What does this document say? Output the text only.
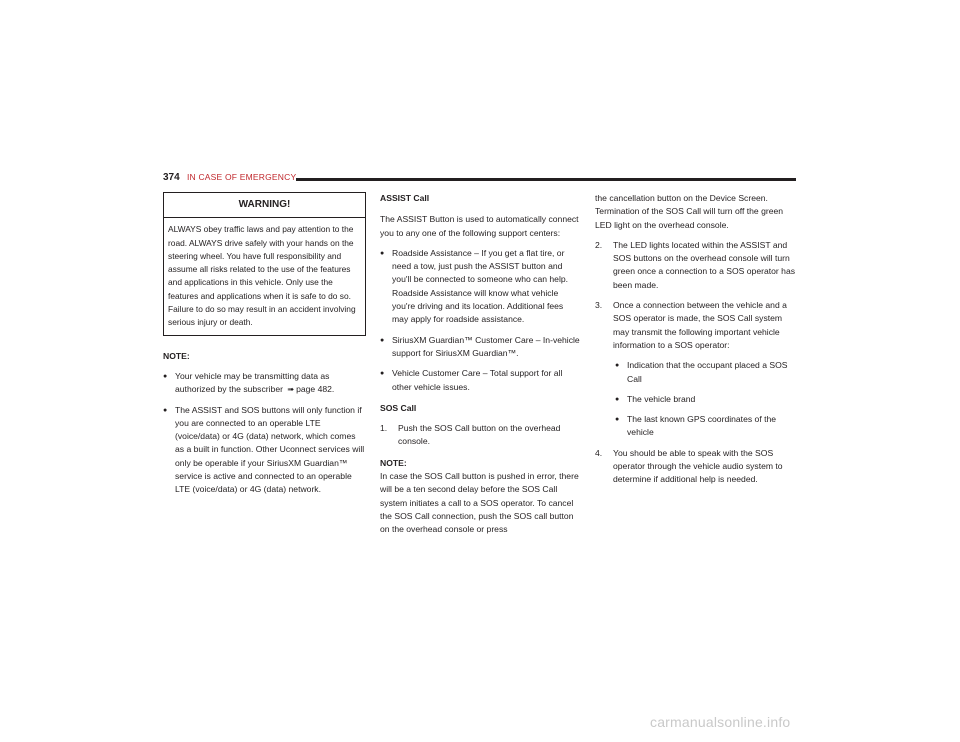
374 IN CASE OF EMERGENCY
WARNING!
ALWAYS obey traffic laws and pay attention to the road. ALWAYS drive safely with your hands on the steering wheel. You have full responsibility and assume all risks related to the use of the features and applications in this vehicle. Only use the features and applications when it is safe to do so. Failure to do so may result in an accident involving serious injury or death.

NOTE:

● Your vehicle may be transmitting data as authorized by the subscriber ➠ page 482.
● The ASSIST and SOS buttons will only function if you are connected to an operable LTE (voice/data) or 4G (data) network, which comes as a built in function. Other Uconnect services will only be operable if your SiriusXM Guardian™ service is active and connected to an operable LTE (voice/data) or 4G (data) network.

ASSIST Call

The ASSIST Button is used to automatically connect you to any one of the following support centers:

● Roadside Assistance – If you get a flat tire, or need a tow, just push the ASSIST button and you'll be connected to someone who can help. Roadside Assistance will know what vehicle you're driving and its location. Additional fees may apply for roadside assistance.
● SiriusXM Guardian™ Customer Care – In-vehicle support for SiriusXM Guardian™.
● Vehicle Customer Care – Total support for all other vehicle issues.

SOS Call

1. Push the SOS Call button on the overhead console.

NOTE:

In case the SOS Call button is pushed in error, there will be a ten second delay before the SOS Call system initiates a call to a SOS operator. To cancel the SOS Call connection, push the SOS call button on the overhead console or press

the cancellation button on the Device Screen. Termination of the SOS Call will turn off the green LED light on the overhead console.

2. The LED lights located within the ASSIST and SOS buttons on the overhead console will turn green once a connection to a SOS operator has been made.
3. Once a connection between the vehicle and a SOS operator is made, the SOS Call system may transmit the following important vehicle information to a SOS operator:
● Indication that the occupant placed a SOS Call
● The vehicle brand
● The last known GPS coordinates of the vehicle
4. You should be able to speak with the SOS operator through the vehicle audio system to determine if additional help is needed.
carmanualsonline.info
